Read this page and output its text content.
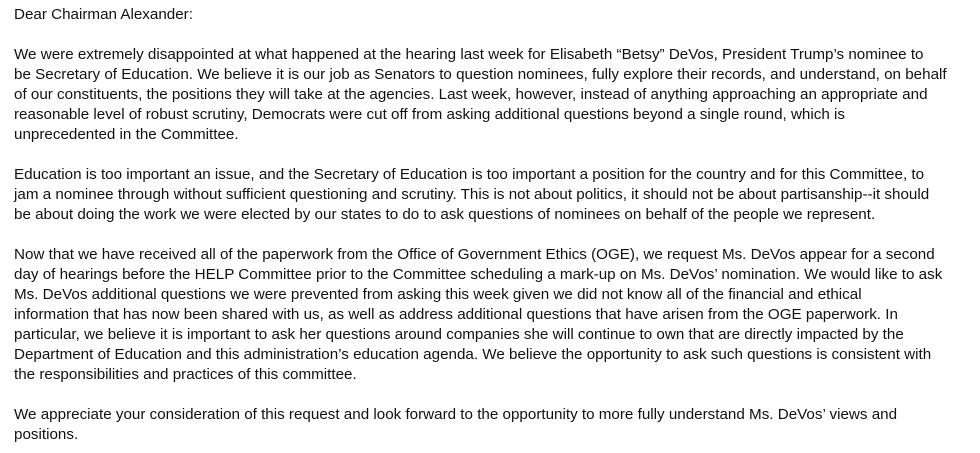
Dear Chairman Alexander:
We were extremely disappointed at what happened at the hearing last week for Elisabeth “Betsy” DeVos, President Trump’s nominee to
be Secretary of Education. We believe it is our job as Senators to question nominees, fully explore their records, and understand, on behalf
of our constituents, the positions they will take at the agencies. Last week, however, instead of anything approaching an appropriate and
reasonable level of robust scrutiny, Democrats were cut off from asking additional questions beyond a single round, which is
unprecedented in the Committee.
Education is too important an issue, and the Secretary of Education is too important a position for the country and for this Committee, to
jam a nominee through without sufficient questioning and scrutiny. This is not about politics, it should not be about partisanship--it should
be about doing the work we were elected by our states to do to ask questions of nominees on behalf of the people we represent.
Now that we have received all of the paperwork from the Office of Government Ethics (OGE), we request Ms. DeVos appear for a second
day of hearings before the HELP Committee prior to the Committee scheduling a mark-up on Ms. DeVos’ nomination. We would like to ask
Ms. DeVos additional questions we were prevented from asking this week given we did not know all of the financial and ethical
information that has now been shared with us, as well as address additional questions that have arisen from the OGE paperwork. In
particular, we believe it is important to ask her questions around companies she will continue to own that are directly impacted by the
Department of Education and this administration’s education agenda. We believe the opportunity to ask such questions is consistent with
the responsibilities and practices of this committee.
We appreciate your consideration of this request and look forward to the opportunity to more fully understand Ms. DeVos’ views and
positions.
